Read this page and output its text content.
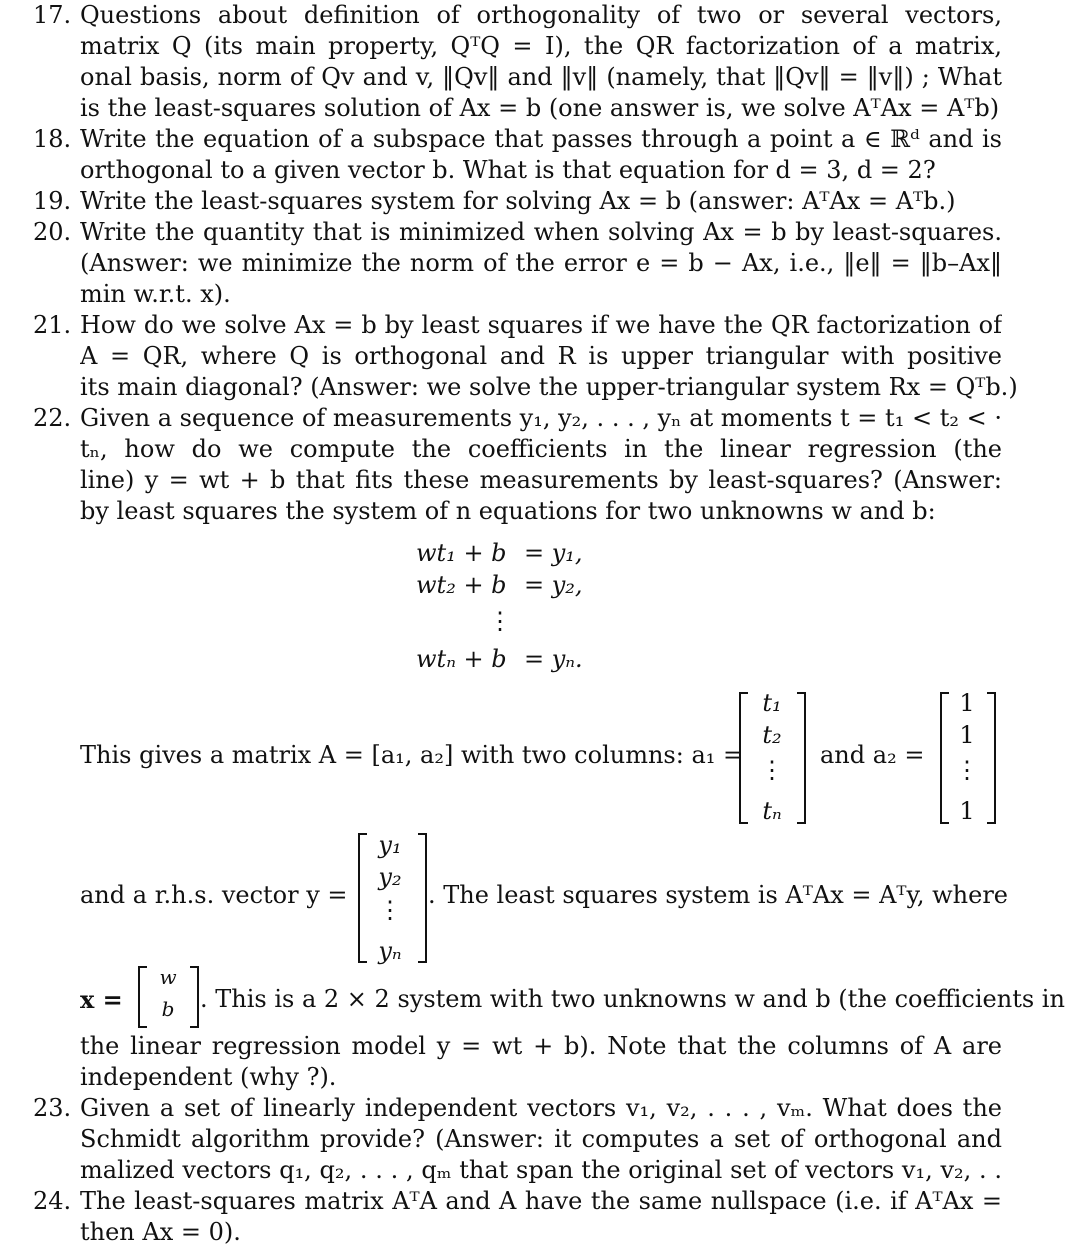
17. Questions about definition of orthogonality of two or several vectors,
matrix Q (its main property, QᵀQ = I), the QR factorization of a matrix,
onal basis, norm of Qv and v, ‖Qv‖ and ‖v‖ (namely, that ‖Qv‖ = ‖v‖) ; What
is the least-squares solution of Ax = b (one answer is, we solve AᵀAx = Aᵀb)
18. Write the equation of a subspace that passes through a point a ∈ ℝᵈ and is
orthogonal to a given vector b. What is that equation for d = 3, d = 2?
19. Write the least-squares system for solving Ax = b (answer: AᵀAx = Aᵀb.)
20. Write the quantity that is minimized when solving Ax = b by least-squares.
(Answer: we minimize the norm of the error e = b − Ax, i.e., ‖e‖ = ‖b–Ax‖
min w.r.t. x).
21. How do we solve Ax = b by least squares if we have the QR factorization of
A = QR, where Q is orthogonal and R is upper triangular with positive
its main diagonal? (Answer: we solve the upper-triangular system Rx = Qᵀb.)
22. Given a sequence of measurements y₁, y₂, . . . , yₙ at moments t = t₁ < t₂ < ·
tₙ, how do we compute the coefficients in the linear regression (the
line) y = wt + b that fits these measurements by least-squares? (Answer:
by least squares the system of n equations for two unknowns w and b:
wt₁ + b = y₁,
wt₂ + b = y₂,
⋮
wtₙ + b = yₙ.
This gives a matrix A = [a₁, a₂] with two columns: a₁ =
t₁
t₂
⋮
tₙ
and a₂ =
1
1
⋮
1
and a r.h.s. vector y =
y₁
y₂
⋮
yₙ
. The least squares system is AᵀAx = Aᵀy, where
x =
w
b	. This is a 2 × 2 system with two unknowns w and b (the coefficients in
the linear regression model y = wt + b). Note that the columns of A are
independent (why ?).
23. Given a set of linearly independent vectors v₁, v₂, . . . , vₘ. What does the
Schmidt algorithm provide? (Answer: it computes a set of orthogonal and
malized vectors q₁, q₂, . . . , qₘ that span the original set of vectors v₁, v₂, . .
24. The least-squares matrix AᵀA and A have the same nullspace (i.e. if AᵀAx =
then Ax = 0).
